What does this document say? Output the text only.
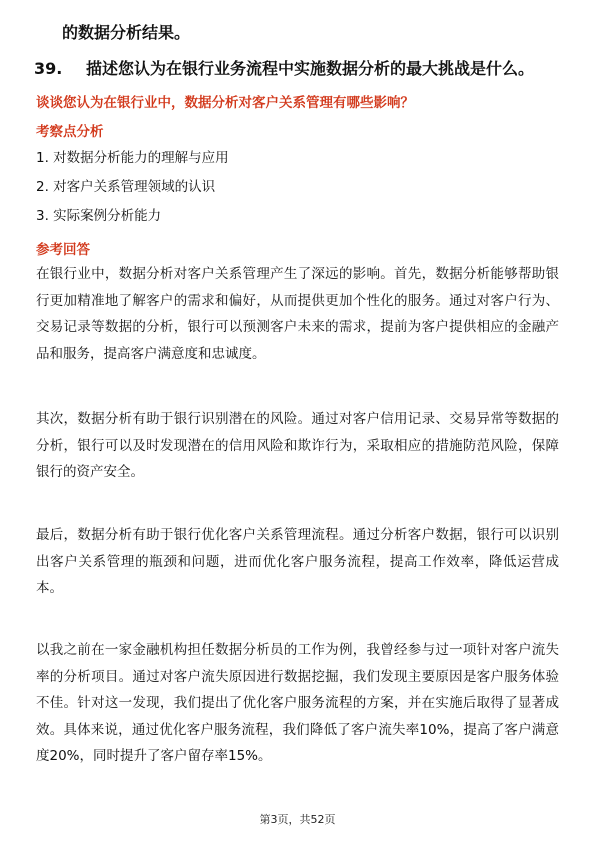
的数据分析结果。
39. 描述您认为在银行业务流程中实施数据分析的最大挑战是什么。
谈谈您认为在银行业中，数据分析对客户关系管理有哪些影响？
考察点分析
1. 对数据分析能力的理解与应用
2. 对客户关系管理领域的认识
3. 实际案例分析能力
参考回答
在银行业中，数据分析对客户关系管理产生了深远的影响。首先，数据分析能够帮助银行更加精准地了解客户的需求和偏好，从而提供更加个性化的服务。通过对客户行为、交易记录等数据的分析，银行可以预测客户未来的需求，提前为客户提供相应的金融产品和服务，提高客户满意度和忠诚度。
其次，数据分析有助于银行识别潜在的风险。通过对客户信用记录、交易异常等数据的分析，银行可以及时发现潜在的信用风险和欺诈行为，采取相应的措施防范风险，保障银行的资产安全。
最后，数据分析有助于银行优化客户关系管理流程。通过分析客户数据，银行可以识别出客户关系管理的瓶颈和问题，进而优化客户服务流程，提高工作效率，降低运营成本。
以我之前在一家金融机构担任数据分析员的工作为例，我曾经参与过一项针对客户流失率的分析项目。通过对客户流失原因进行数据挖掘，我们发现主要原因是客户服务体验不佳。针对这一发现，我们提出了优化客户服务流程的方案，并在实施后取得了显著成效。具体来说，通过优化客户服务流程，我们降低了客户流失率10%，提高了客户满意度20%，同时提升了客户留存率15%。
第3页，共52页
